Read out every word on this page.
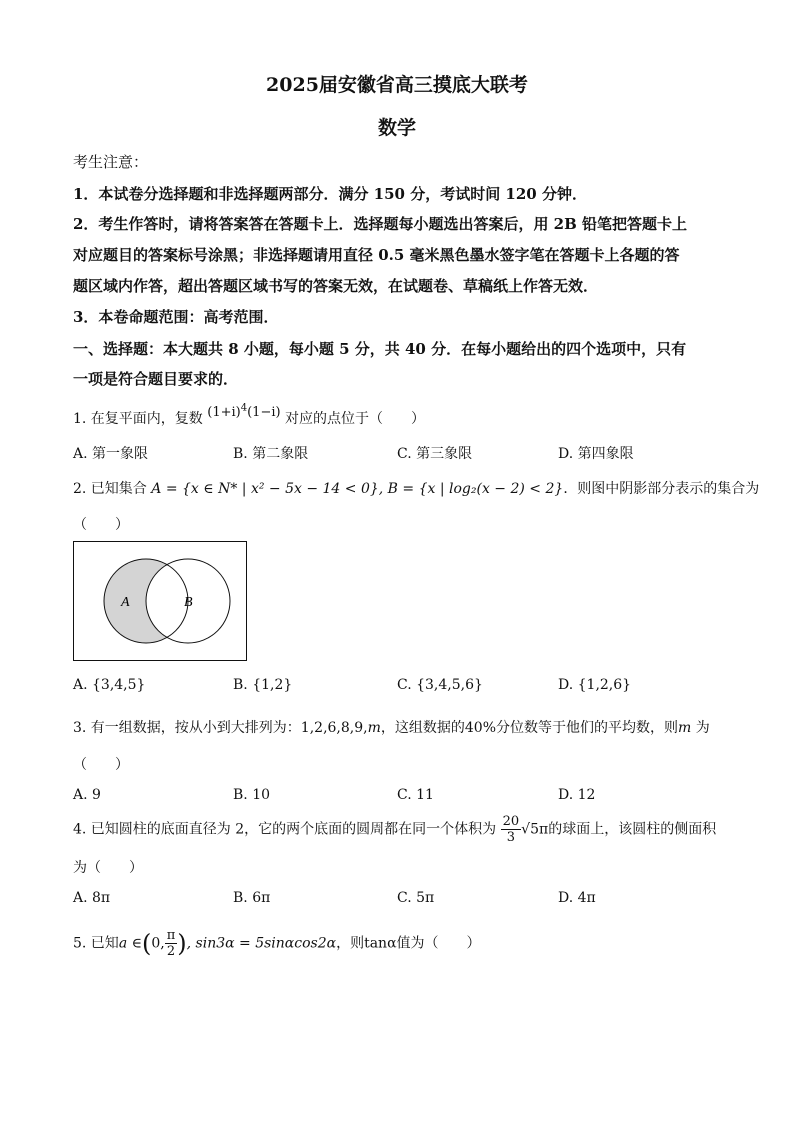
2025届安徽省高三摸底大联考
数学
考生注意：
1．本试卷分选择题和非选择题两部分．满分 150 分，考试时间 120 分钟．
2．考生作答时，请将答案答在答题卡上．选择题每小题选出答案后，用 2B 铅笔把答题卡上
对应题目的答案标号涂黑；非选择题请用直径 0.5 毫米黑色墨水签字笔在答题卡上各题的答
题区域内作答，超出答题区域书写的答案无效，在试题卷、草稿纸上作答无效．
3．本卷命题范围：高考范围．
一、选择题：本大题共 8 小题，每小题 5 分，共 40 分．在每小题给出的四个选项中，只有
一项是符合题目要求的．
1. 在复平面内，复数 $(1+i)^4(1-i)$ 对应的点位于（　　）
A. 第一象限	B. 第二象限	C. 第三象限	D. 第四象限
2. 已知集合 A = {x ∈ N* | x² − 5x − 14 < 0}, B = {x | log₂(x − 2) < 2}．则图中阴影部分表示的集合为
（　　）
A	B
A. {3,4,5}	B. {1,2}	C. {3,4,5,6}	D. {1,2,6}
3. 有一组数据，按从小到大排列为：1,2,6,8,9,m，这组数据的40%分位数等于他们的平均数，则m 为
（　　）
A. 9	B. 10	C. 11	D. 12
4. 已知圆柱的底面直径为 2，它的两个底面的圆周都在同一个体积为 $\frac{20}{3} √5\pi$的球面上，该圆柱的侧面积
为（　　）
A. 8π	B. 6π	C. 5π	D. 4π
5. 已知a ∈(0, $\frac{\pi}{2}$ ), sin3α = 5sinαcos2α，则tanα值为（　　）
